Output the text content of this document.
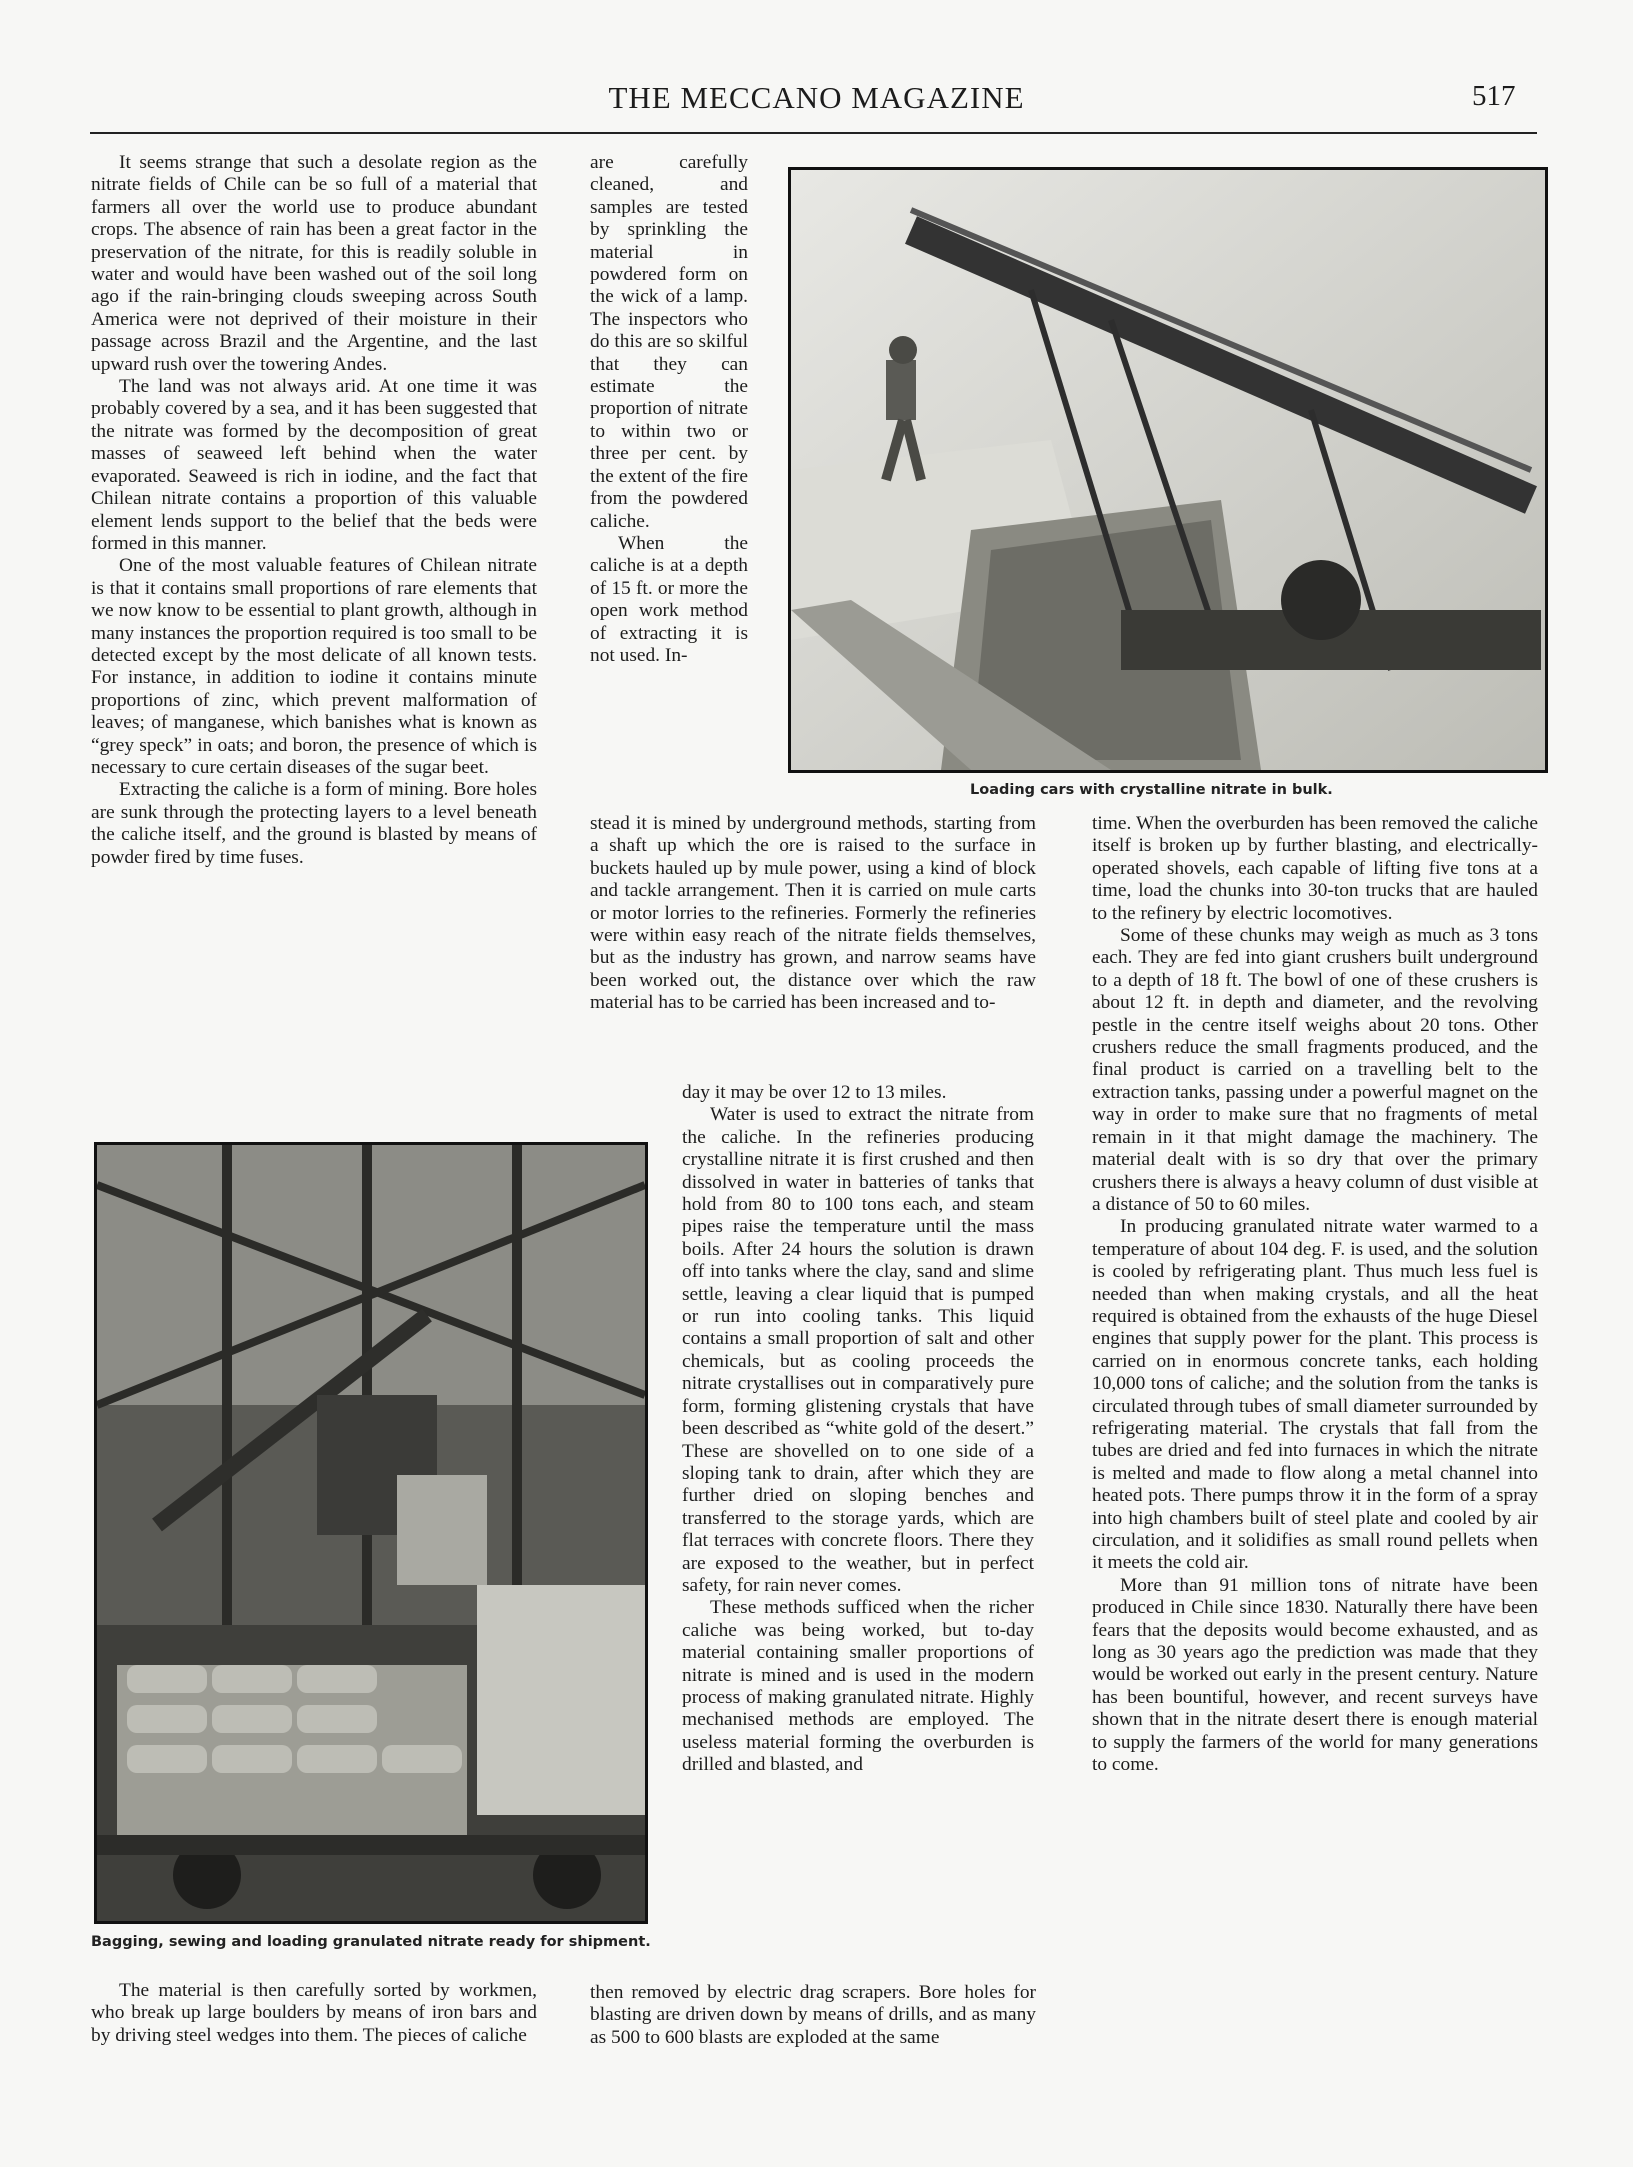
THE MECCANO MAGAZINE	517

It seems strange that such a desolate region as the nitrate fields of Chile can be so full of a material that farmers all over the world use to produce abundant crops. The absence of rain has been a great factor in the preservation of the nitrate, for this is readily soluble in water and would have been washed out of the soil long ago if the rain-bringing clouds sweeping across South America were not deprived of their moisture in their passage across Brazil and the Argentine, and the last upward rush over the towering Andes.

The land was not always arid. At one time it was probably covered by a sea, and it has been suggested that the nitrate was formed by the decomposition of great masses of seaweed left behind when the water evaporated. Seaweed is rich in iodine, and the fact that Chilean nitrate contains a proportion of this valuable element lends support to the belief that the beds were formed in this manner.

One of the most valuable features of Chilean nitrate is that it contains small proportions of rare elements that we now know to be essential to plant growth, although in many instances the proportion required is too small to be detected except by the most delicate of all known tests. For instance, in addition to iodine it contains minute proportions of zinc, which prevent malformation of leaves; of manganese, which banishes what is known as “grey speck” in oats; and boron, the presence of which is necessary to cure certain diseases of the sugar beet.

Extracting the caliche is a form of mining. Bore holes are sunk through the protecting layers to a level beneath the caliche itself, and the ground is blasted by means of powder fired by time fuses.

are carefully cleaned, and samples are tested by sprinkling the material in powdered form on the wick of a lamp. The inspectors who do this are so skilful that they can estimate the proportion of nitrate to within two or three per cent. by the extent of the fire from the powdered caliche.

When the caliche is at a depth of 15 ft. or more the open work method of extracting it is not used. In-

Loading cars with crystalline nitrate in bulk.

stead it is mined by underground methods, starting from a shaft up which the ore is raised to the surface in buckets hauled up by mule power, using a kind of block and tackle arrangement. Then it is carried on mule carts or motor lorries to the refineries. Formerly the refineries were within easy reach of the nitrate fields themselves, but as the industry has grown, and narrow seams have been worked out, the distance over which the raw material has to be carried has been increased and to-

Bagging, sewing and loading granulated nitrate ready for shipment.

The material is then carefully sorted by workmen, who break up large boulders by means of iron bars and by driving steel wedges into them. The pieces of caliche

day it may be over 12 to 13 miles.

Water is used to extract the nitrate from the caliche. In the refineries producing crystalline nitrate it is first crushed and then dissolved in water in batteries of tanks that hold from 80 to 100 tons each, and steam pipes raise the temperature until the mass boils. After 24 hours the solution is drawn off into tanks where the clay, sand and slime settle, leaving a clear liquid that is pumped or run into cooling tanks. This liquid contains a small proportion of salt and other chemicals, but as cooling proceeds the nitrate crystallises out in comparatively pure form, forming glistening crystals that have been described as “white gold of the desert.” These are shovelled on to one side of a sloping tank to drain, after which they are further dried on sloping benches and transferred to the storage yards, which are flat terraces with concrete floors. There they are exposed to the weather, but in perfect safety, for rain never comes.

These methods sufficed when the richer caliche was being worked, but to-day material containing smaller proportions of nitrate is mined and is used in the modern process of making granulated nitrate. Highly mechanised methods are employed. The useless material forming the overburden is drilled and blasted, and

then removed by electric drag scrapers. Bore holes for blasting are driven down by means of drills, and as many as 500 to 600 blasts are exploded at the same

time. When the overburden has been removed the caliche itself is broken up by further blasting, and electrically-operated shovels, each capable of lifting five tons at a time, load the chunks into 30-ton trucks that are hauled to the refinery by electric locomotives.

Some of these chunks may weigh as much as 3 tons each. They are fed into giant crushers built underground to a depth of 18 ft. The bowl of one of these crushers is about 12 ft. in depth and diameter, and the revolving pestle in the centre itself weighs about 20 tons. Other crushers reduce the small fragments produced, and the final product is carried on a travelling belt to the extraction tanks, passing under a powerful magnet on the way in order to make sure that no fragments of metal remain in it that might damage the machinery. The material dealt with is so dry that over the primary crushers there is always a heavy column of dust visible at a distance of 50 to 60 miles.

In producing granulated nitrate water warmed to a temperature of about 104 deg. F. is used, and the solution is cooled by refrigerating plant. Thus much less fuel is needed than when making crystals, and all the heat required is obtained from the exhausts of the huge Diesel engines that supply power for the plant. This process is carried on in enormous concrete tanks, each holding 10,000 tons of caliche; and the solution from the tanks is circulated through tubes of small diameter surrounded by refrigerating material. The crystals that fall from the tubes are dried and fed into furnaces in which the nitrate is melted and made to flow along a metal channel into heated pots. There pumps throw it in the form of a spray into high chambers built of steel plate and cooled by air circulation, and it solidifies as small round pellets when it meets the cold air.

More than 91 million tons of nitrate have been produced in Chile since 1830. Naturally there have been fears that the deposits would become exhausted, and as long as 30 years ago the prediction was made that they would be worked out early in the present century. Nature has been bountiful, however, and recent surveys have shown that in the nitrate desert there is enough material to supply the farmers of the world for many generations to come.
